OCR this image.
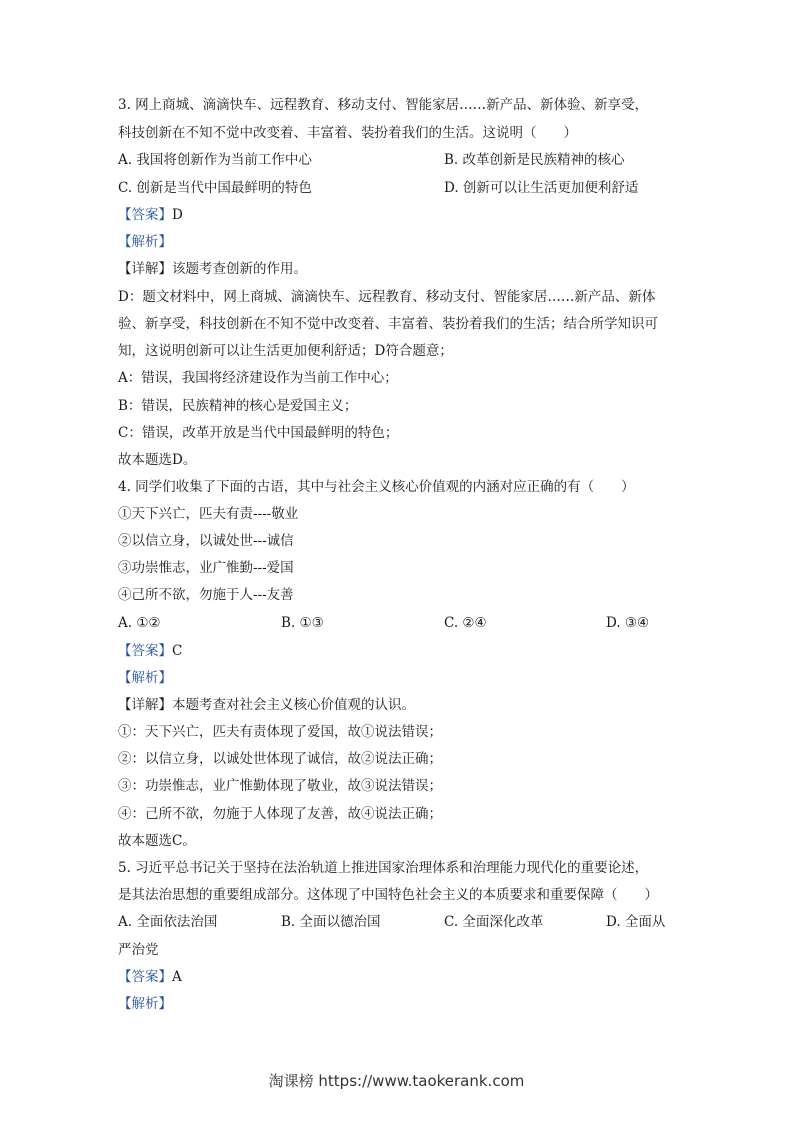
3. 网上商城、滴滴快车、远程教育、移动支付、智能家居……新产品、新体验、新享受，
科技创新在不知不觉中改变着、丰富着、装扮着我们的生活。这说明（　　）
A. 我国将创新作为当前工作中心	B. 改革创新是民族精神的核心
C. 创新是当代中国最鲜明的特色	D. 创新可以让生活更加便利舒适
【答案】D
【解析】
【详解】该题考查创新的作用。
D：题文材料中，网上商城、滴滴快车、远程教育、移动支付、智能家居……新产品、新体
验、新享受，科技创新在不知不觉中改变着、丰富着、装扮着我们的生活；结合所学知识可
知，这说明创新可以让生活更加便利舒适；D符合题意；
A：错误，我国将经济建设作为当前工作中心；
B：错误，民族精神的核心是爱国主义；
C：错误，改革开放是当代中国最鲜明的特色；
故本题选D。
4. 同学们收集了下面的古语，其中与社会主义核心价值观的内涵对应正确的有（　　）
①天下兴亡，匹夫有责----敬业
②以信立身，以诚处世---诚信
③功崇惟志，业广惟勤---爱国
④己所不欲，勿施于人---友善
A. ①②	B. ①③	C. ②④	D. ③④
【答案】C
【解析】
【详解】本题考查对社会主义核心价值观的认识。
①：天下兴亡，匹夫有责体现了爱国，故①说法错误；
②：以信立身，以诚处世体现了诚信，故②说法正确；
③：功崇惟志，业广惟勤体现了敬业，故③说法错误；
④：己所不欲，勿施于人体现了友善，故④说法正确；
故本题选C。
5. 习近平总书记关于坚持在法治轨道上推进国家治理体系和治理能力现代化的重要论述，
是其法治思想的重要组成部分。这体现了中国特色社会主义的本质要求和重要保障（　　）
A. 全面依法治国	B. 全面以德治国	C. 全面深化改革	D. 全面从
严治党
【答案】A
【解析】
淘课榜 https://www.taokerank.com
